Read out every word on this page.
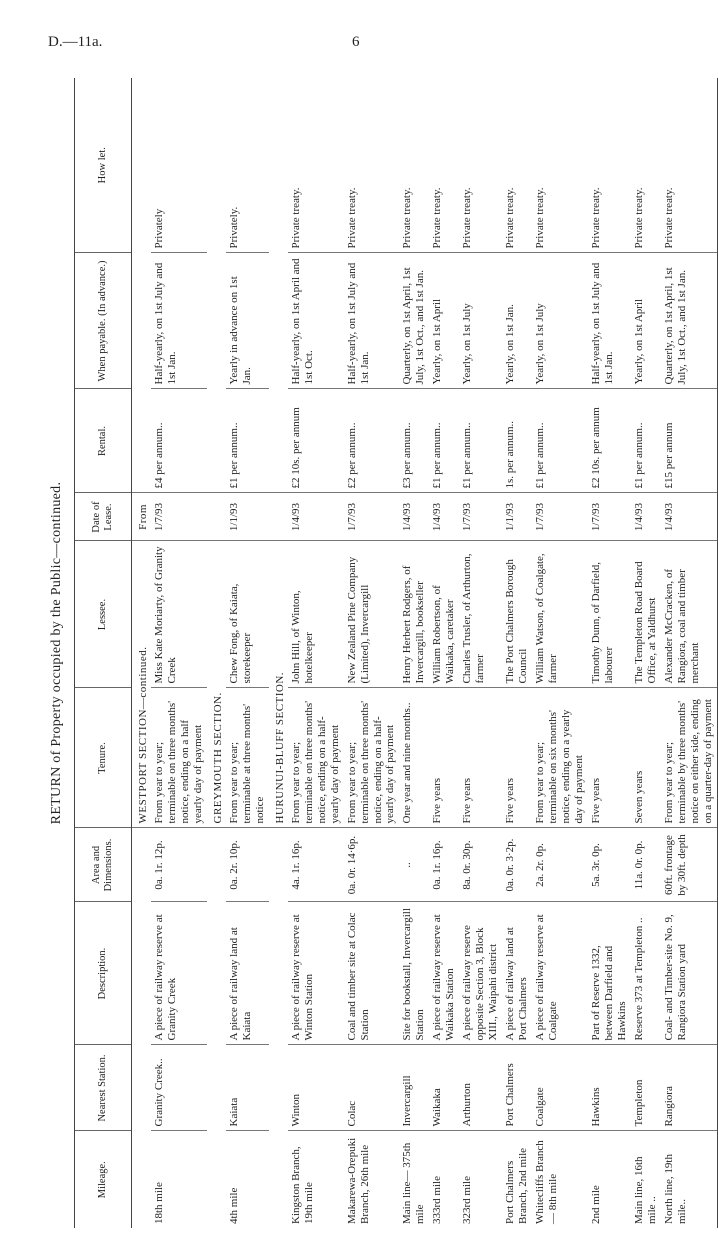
D.—11a.	6
RETURN of Property occupied by the Public—continued.
Mileage.	Nearest Station.	Description.	Area and Dimensions.	Tenure.	Lessee.	Date of Lease.	Rental.	When payable. (In advance.)	How let.
				WESTPORT SECTION—continued.		From			
18th mile	Granity Creek..	A piece of railway reserve at Granity Creek	0a. 1r. 12p.	From year to year; terminable on three months' notice, ending on a half yearly day of payment	Miss Kate Moriarty, of Granity Creek	1/7/93	£4 per annum..	Half-yearly, on 1st July and 1st Jan.	Privately
				GREYMOUTH SECTION.					
4th mile	Kaiata	A piece of railway land at Kaiata	0a. 2r. 10p.	From year to year; terminable at three months' notice	Chew Fong, of Kaiata, storekeeper	1/1/93	£1 per annum..	Yearly in advance on 1st Jan.	Privately.
				HURUNUI-BLUFF SECTION.					
Kingston Branch, 19th mile	Winton	A piece of railway reserve at Winton Station	4a. 1r. 16p.	From year to year; terminable on three months' notice, ending on a half-yearly day of payment	John Hill, of Winton, hotelkeeper	1/4/93	£2 10s. per annum	Half-yearly, on 1st April and 1st Oct.	Private treaty.
Makarewa-Orepuki Branch, 26th mile	Colac	Coal and timber site at Colac Station	0a. 0r. 14·6p.	From year to year; terminable on three months' notice, ending on a half-yearly day of payment	New Zealand Pine Company (Limited), Invercargill	1/7/93	£2 per annum..	Half-yearly, on 1st July and 1st Jan.	Private treaty.
Main line— 375th mile	Invercargill	Site for bookstall, Invercargill Station	..	One year and nine months..	Henry Herbert Rodgers, of Invercargill, bookseller	1/4/93	£3 per annum..	Quarterly, on 1st April, 1st July, 1st Oct., and 1st Jan.	Private treaty.
333rd mile	Waikaka	A piece of railway reserve at Waikaka Station	0a. 1r. 16p.	Five years	William Robertson, of Waikaka, caretaker	1/4/93	£1 per annum..	Yearly, on 1st April	Private treaty.
323rd mile	Arthurton	A piece of railway reserve opposite Section 3, Block XIII., Waipahi district	8a. 0r. 30p.	Five years	Charles Trusler, of Arthurton, farmer	1/7/93	£1 per annum..	Yearly, on 1st July	Private treaty.
Port Chalmers Branch, 2nd mile	Port Chalmers	A piece of railway land at Port Chalmers	0a. 0r. 3·2p.	Five years	The Port Chalmers Borough Council	1/1/93	1s. per annum..	Yearly, on 1st Jan.	Private treaty.
Whitecliffs Branch— 8th mile	Coalgate	A piece of railway reserve at Coalgate	2a. 2r. 0p.	From year to year; terminable on six months' notice, ending on a yearly day of payment	William Watson, of Coalgate, farmer	1/7/93	£1 per annum..	Yearly, on 1st July	Private treaty.
2nd mile	Hawkins	Part of Reserve 1332, between Darfield and Hawkins	5a. 3r. 0p.	Five years	Timothy Dunn, of Darfield, labourer	1/7/93	£2 10s. per annum	Half-yearly, on 1st July and 1st Jan.	Private treaty.
Main line, 16th mile ..	Templeton	Reserve 373 at Templeton ..	11a. 0r. 0p.	Seven years	The Templeton Road Board Office, at Yaldhurst	1/4/93	£1 per annum..	Yearly, on 1st April	Private treaty.
North line, 19th mile..	Rangiora	Coal- and Timber-site No. 9, Rangiora Station yard	60ft. frontage by 30ft. depth	From year to year; terminable by three months' notice on either side, ending on a quarter-day of payment	Alexander McCracken, of Rangiora, coal and timber merchant	1/4/93	£15 per annum	Quarterly, on 1st April, 1st July, 1st Oct., and 1st Jan.	Private treaty.
